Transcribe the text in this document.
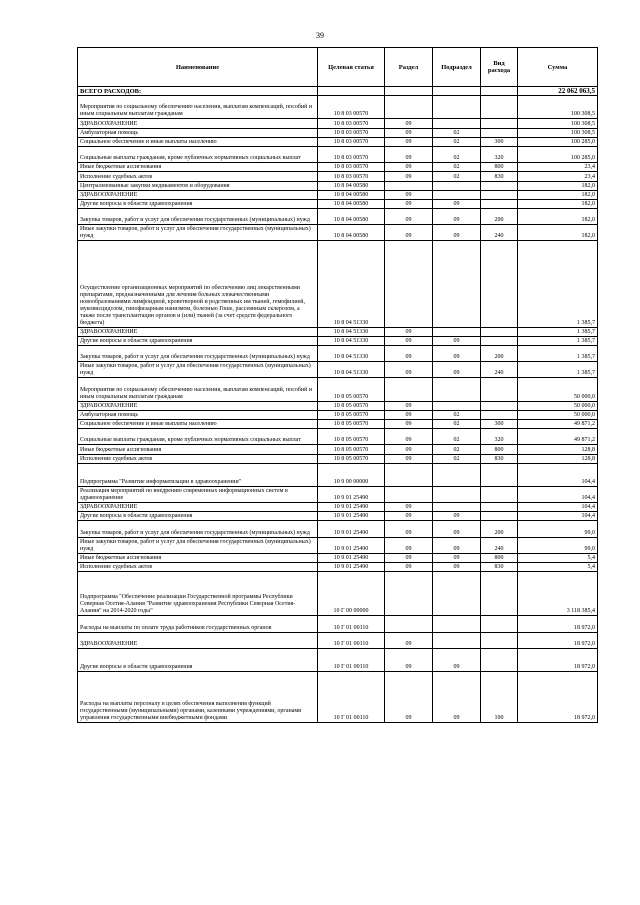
39
Наименование	Целевая статья	Раздел	Подраздел	Вид расхода	Сумма
ВСЕГО РАСХОДОВ:					22 062 063,5
Мероприятия по социальному обеспечению населения, выплатам компенсаций, пособий и иным социальным выплатам гражданам	10 8 03 00570				100 308,5
ЗДРАВООХРАНЕНИЕ	10 8 03 00570	09			100 308,5
Амбулаторная помощь	10 8 03 00570	09	02		100 308,5
Социальное обеспечение и иные выплаты населению	10 8 03 00570	09	02	300	100 285,0
Социальные выплаты гражданам, кроме публичных нормативных социальных выплат	10 8 03 00570	09	02	320	100 285,0
Иные бюджетные ассигнования	10 8 03 00570	09	02	800	23,4
Исполнение судебных актов	10 8 03 00570	09	02	830	23,4
Централизованные закупки медикаментов и оборудования	10 8 04 00580				182,0
ЗДРАВООХРАНЕНИЕ	10 8 04 00580	09			182,0
Другие вопросы в области здравоохранения	10 8 04 00580	09	09		182,0
Закупка товаров, работ и услуг для обеспечения государственных (муниципальных) нужд	10 8 04 00580	09	09	200	182,0
Иные закупки товаров, работ и услуг для обеспечения государственных (муниципальных) нужд	10 8 04 00580	09	09	240	182,0
Осуществление организационных мероприятий по обеспечению лиц лекарственными препаратами, предназначенными для лечения больных злокачественными новообразованиями лимфоидной, кроветворной и родственных им тканей, гемофилией, муковисцидозом, гипофизарным нанизмом, болезнью Гоше, рассеянным склерозом, а также после трансплантации органов и (или) тканей (за счет средств федерального бюджета)	10 8 04 51330				1 385,7
ЗДРАВООХРАНЕНИЕ	10 8 04 51330	09			1 385,7
Другие вопросы в области здравоохранения	10 8 04 51330	09	09		1 385,7
Закупка товаров, работ и услуг для обеспечения государственных (муниципальных) нужд	10 8 04 51330	09	09	200	1 385,7
Иные закупки товаров, работ и услуг для обеспечения государственных (муниципальных) нужд	10 8 04 51330	09	09	240	1 385,7
Мероприятия по социальному обеспечению населения, выплатам компенсаций, пособий и иным социальным выплатам гражданам	10 8 05 00570				50 000,0
ЗДРАВООХРАНЕНИЕ	10 8 05 00570	09			50 000,0
Амбулаторная помощь	10 8 05 00570	09	02		50 000,0
Социальное обеспечение и иные выплаты населению	10 8 05 00570	09	02	300	49 871,2
Социальные выплаты гражданам, кроме публичных нормативных социальных выплат	10 8 05 00570	09	02	320	49 871,2
Иные бюджетные ассигнования	10 8 05 00570	09	02	800	128,8
Исполнение судебных актов	10 8 05 00570	09	02	830	128,8
Подпрограмма "Развитие информатизации в здравоохранении"	10 9 00 00000				104,4
Реализация мероприятий по внедрению современных информационных систем в здравоохранение	10 9 01 25490				104,4
ЗДРАВООХРАНЕНИЕ	10 9 01 25490	09			104,4
Другие вопросы в области здравоохранения	10 9 01 25490	09	09		104,4
Закупка товаров, работ и услуг для обеспечения государственных (муниципальных) нужд	10 9 01 25490	09	09	200	99,0
Иные закупки товаров, работ и услуг для обеспечения государственных (муниципальных) нужд	10 9 01 25490	09	09	240	99,0
Иные бюджетные ассигнования	10 9 01 25490	09	09	800	5,4
Исполнение судебных актов	10 9 01 25490	09	09	830	5,4
Подпрограмма "Обеспечение реализации Государственной программы Республики Северная Осетия-Алания "Развитие здравоохранения Республики Северная Осетия-Алания" на 2014-2020 годы"	10 Г 00 00000				3 118 385,4
Расходы на выплаты по оплате труда работников государственных органов	10 Г 01 00110				18 972,0
ЗДРАВООХРАНЕНИЕ	10 Г 01 00110	09			18 972,0
Другие вопросы в области здравоохранения	10 Г 01 00110	09	09		18 972,0
Расходы на выплаты персоналу в целях обеспечения выполнения функций государственными (муниципальными) органами, казенными учреждениями, органами управления государственными внебюджетными фондами	10 Г 01 00110	09	09	100	18 972,0
